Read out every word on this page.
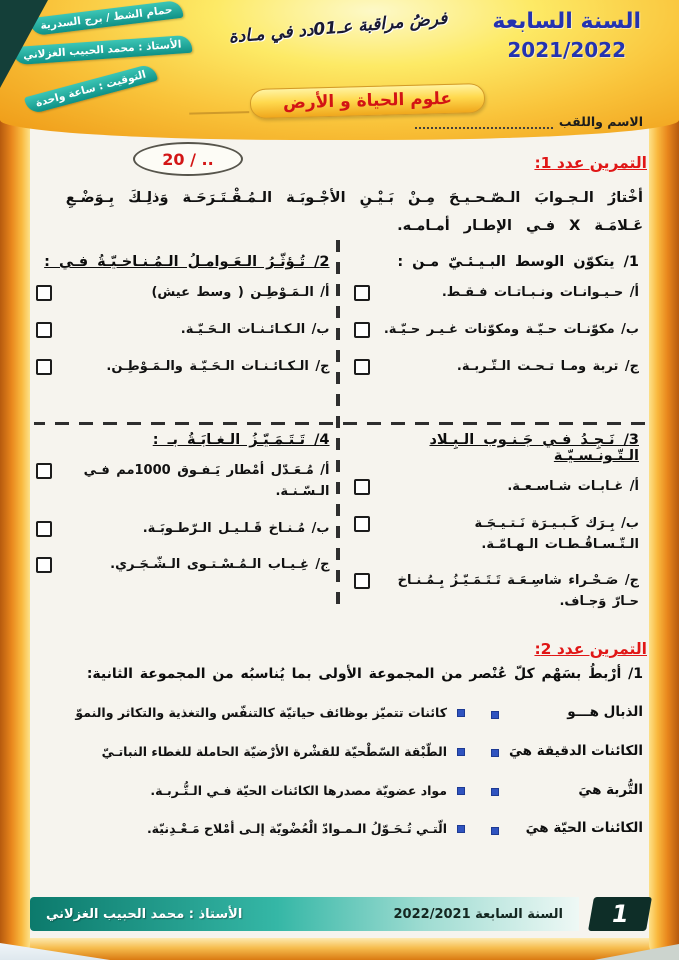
السنة السابعة
2021/2022
فرضُ مراقبة عـ01دد في مـادة
علوم الحياة و الأرض
حمام الشط / برج السدرية
الأستاذ : محمد الحبيب الغزلاني
التوقيت : ساعة واحدة
الاسم واللقب
20 / ..	التمرين عدد 1:
أخْتارُ الـجـوابَ الـصّـحـيـحَ مِـنْ بَـيْـنِ الأجْـوبَـة الـمُـقْـتَـرَحَـة وَذلِـكَ بِـوَضْـعِ
عَـلامَـة X فـي الإطـار أمـامـه.
1/ يتكوّن الوسط البـيـئـيّ مـن :
أ/ حـيـوانـات ونـبـاتـات فـقـط.
ب/ مكوّنـات حـيّـة ومكوّنات غـيـر حـيّـة.
ج/ تربة ومـا تـحـت الـتّـربـة.
2/ تُـؤثّـرُ الـعَـوامـلُ الـمُـنـاخـيّـةُ فـي :
أ/ الـمَـوْطِـن ( وسط عيش)
ب/ الـكـائـنـات الـحَـيّـة.
ج/ الـكـائـنـات الـحَـيّـة والـمَـوْطِـن.
3/ نَـجِـدُ فـي جَـنـوب الـبِـلاد الـتّـونـسـيّـة
أ/ غـابـات شـاسـعـة.
ب/ بِـرَك كَـبـيـرَة نَـتـيـجَـة الـتّـسـاقُـطـات الـهـامّـة.
ج/ صَـحْـراء شاسِـعَـة تَـتَـمَـيّـزُ بِـمُـنـاخ حـارّ وَجـاف.
4/ تَـتَـمَـيّـزُ الـغـابَـةُ بـ :
أ/ مُـعَـدّل أمْطار يَـفـوق 1000مم فـي الـسّـنـة.
ب/ مُـنـاخ قَـلـيـل الـرّطـوبَـة.
ج/ غِـيـاب الـمُـسْـتـوى الـشّـجَـري.
التمرين عدد 2:
1/ أرْبطُ بسَهْم كلّ عُنْصر من المجموعة الأولى بما يُناسبُه من المجموعة الثانية:
الذبال هـــو
كائنات تتميّز بوظائف حياتيّة كالتنفّس والتغذية والتكاثر والنموّ
الكائنات الدقيقة هيَ
الطّبْقة السّطْحيّة للقشْرة الأرْضيّة الحاملة للغطاء النباتـيّ
التُّربة هيَ
مواد عضويّة مصدرها الكائنات الحيّة فـي الـتُّـربـة.
الكائنات الحيّة هيَ
الّتـي تُـحَـوّلُ الـمـوادّ الْعُضْويّة إلـى أمْلاح مَـعْـدِنيّة.
الأستاذ : محمد الحبيب الغزلاني	السنة السابعة 2022/2021 1
